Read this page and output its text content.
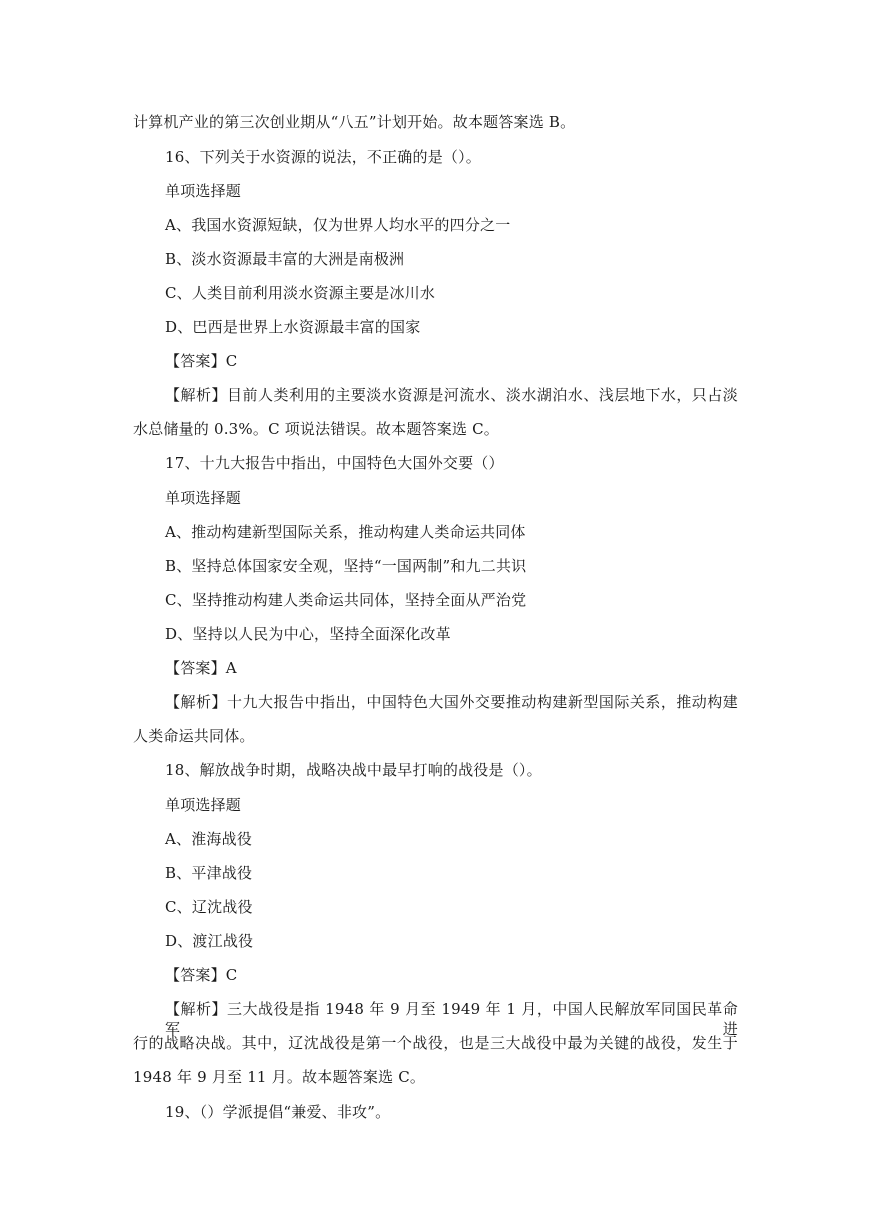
计算机产业的第三次创业期从“八五”计划开始。故本题答案选 B。
16、下列关于水资源的说法，不正确的是（）。
单项选择题
A、我国水资源短缺，仅为世界人均水平的四分之一
B、淡水资源最丰富的大洲是南极洲
C、人类目前利用淡水资源主要是冰川水
D、巴西是世界上水资源最丰富的国家
【答案】C
【解析】目前人类利用的主要淡水资源是河流水、淡水湖泊水、浅层地下水，只占淡
水总储量的 0.3%。C 项说法错误。故本题答案选 C。
17、十九大报告中指出，中国特色大国外交要（）
单项选择题
A、推动构建新型国际关系，推动构建人类命运共同体
B、坚持总体国家安全观，坚持“一国两制”和九二共识
C、坚持推动构建人类命运共同体，坚持全面从严治党
D、坚持以人民为中心，坚持全面深化改革
【答案】A
【解析】十九大报告中指出，中国特色大国外交要推动构建新型国际关系，推动构建
人类命运共同体。
18、解放战争时期，战略决战中最早打响的战役是（）。
单项选择题
A、淮海战役
B、平津战役
C、辽沈战役
D、渡江战役
【答案】C
【解析】三大战役是指 1948 年 9 月至 1949 年 1 月，中国人民解放军同国民革命军进
行的战略决战。其中，辽沈战役是第一个战役，也是三大战役中最为关键的战役，发生于
1948 年 9 月至 11 月。故本题答案选 C。
19、（）学派提倡“兼爱、非攻”。
